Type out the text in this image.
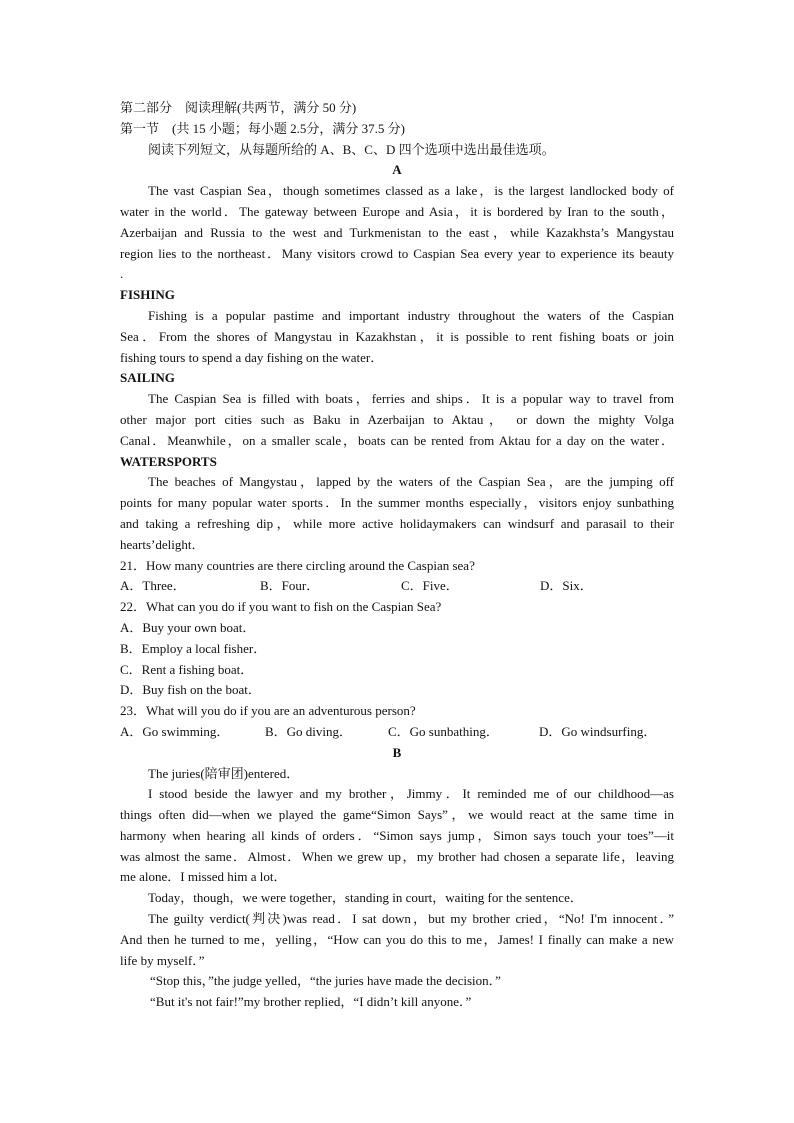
第二部分　阅读理解(共两节，满分 50 分)
第一节　(共 15 小题；每小题 2.5分，满分 37.5 分)
阅读下列短文，从每题所给的 A、B、C、D 四个选项中选出最佳选项。
A
The vast Caspian Sea，though sometimes classed as a lake，is the largest landlocked body of
water in the world．The gateway between Europe and Asia，it is bordered by Iran to the south，
Azerbaijan and Russia to the west and Turkmenistan to the east，while Kazakhsta’s Mangystau
region lies to the northeast．Many visitors crowd to Caspian Sea every year to experience its beauty
.
FISHING
Fishing is a popular pastime and important industry throughout the waters of the Caspian
Sea．From the shores of Mangystau in Kazakhstan，it is possible to rent fishing boats or join
fishing tours to spend a day fishing on the water．
SAILING
The Caspian Sea is filled with boats，ferries and ships．It is a popular way to travel from
other major port cities such as Baku in Azerbaijan to Aktau， or down the mighty Volga
Canal．Meanwhile，on a smaller scale，boats can be rented from Aktau for a day on the water．
WATERSPORTS
The beaches of Mangystau，lapped by the waters of the Caspian Sea，are the jumping off
points for many popular water sports．In the summer months especially，visitors enjoy sunbathing
and taking a refreshing dip，while more active holidaymakers can windsurf and parasail to their
hearts’delight．
21．How many countries are there circling around the Caspian sea?
A．Three．	B．Four．	C．Five．	D．Six．
22．What can you do if you want to fish on the Caspian Sea?
A．Buy your own boat．
B．Employ a local fisher．
C．Rent a fishing boat．
D．Buy fish on the boat．
23．What will you do if you are an adventurous person?
A．Go swimming．	B．Go diving．	C．Go sunbathing．	D．Go windsurfing．
B
The juries(陪审团)entered．
I stood beside the lawyer and my brother，Jimmy．It reminded me of our childhood—as
things often did—when we played the game“Simon Says”，we would react at the same time in
harmony when hearing all kinds of orders．“Simon says jump，Simon says touch your toes”—it
was almost the same．Almost．When we grew up，my brother had chosen a separate life，leaving
me alone．I missed him a lot．
Today，though，we were together，standing in court，waiting for the sentence．
The guilty verdict(判决)was read．I sat down，but my brother cried，“No! I'm innocent．”
And then he turned to me，yelling，“How can you do this to me，James! I finally can make a new
life by myself．”
“Stop this，”the judge yelled，“the juries have made the decision．”
“But it's not fair!”my brother replied，“I didn’t kill anyone．”
